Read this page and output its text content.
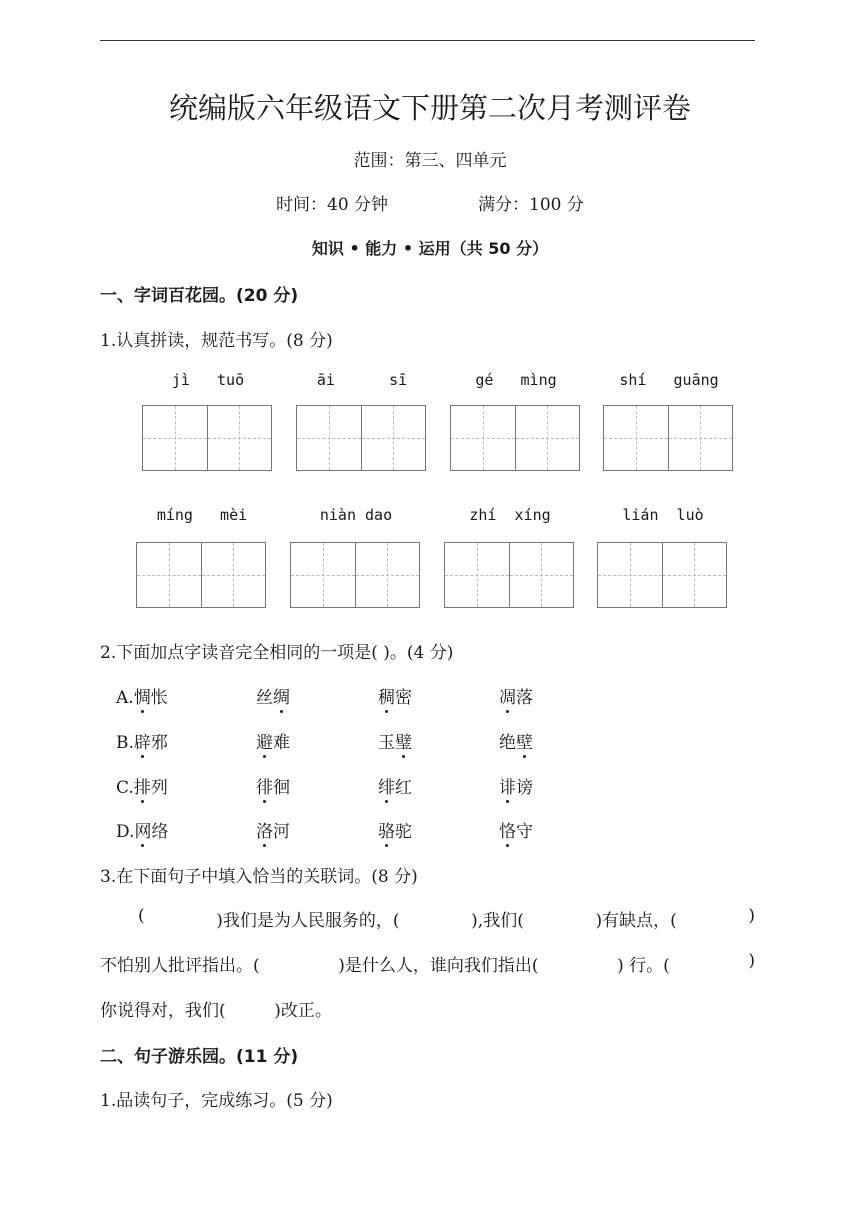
统编版六年级语文下册第二次月考测评卷
范围：第三、四单元
时间：40 分钟	满分：100 分
知识 • 能力 • 运用（共 50 分）
一、字词百花园。(20 分)
1.认真拼读，规范书写。(8 分)
jì   tuō	āi      sī	gé   mìng	shí   guāng
míng   mèi	niàn dao	zhí  xíng	lián  luò
2.下面加点字读音完全相同的一项是( )。(4 分)
A.惆怅	丝绸	稠密	凋落
B.辟邪	避难	玉璧	绝壁
C.排列	徘徊	绯红	诽谤
D.网络	洛河	骆驼	恪守
3.在下面句子中填入恰当的关联词。(8 分)
(	)我们是为人民服务的，(	),我们(	)有缺点，(	)
不怕别人批评指出。(	)是什么人，谁向我们指出(	) 行。(	)
你说得对，我们(         )改正。
二、句子游乐园。(11 分)
1.品读句子，完成练习。(5 分)
